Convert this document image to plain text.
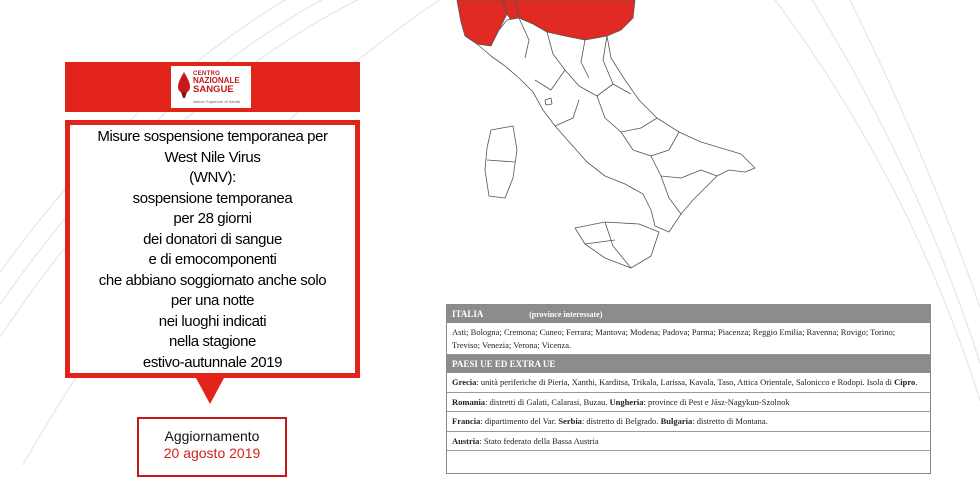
CENTRO
NAZIONALE
SANGUE
Istituto Superiore di Sanità
Misure sospensione temporanea per
West Nile Virus
(WNV):
sospensione temporanea
per 28 giorni
dei donatori di sangue
e di emocomponenti
che abbiano soggiornato anche solo
per una notte
nei luoghi indicati
nella stagione
estivo-autunnale 2019
Aggiornamento
20 agosto 2019
ITALIA	(province interessate)
Asti; Bologna; Cremona; Cuneo; Ferrara; Mantova; Modena; Padova; Parma; Piacenza; Reggio Emilia; Ravenna; Rovigo; Torino; Treviso; Venezia; Verona; Vicenza.
PAESI UE ED EXTRA UE
Grecia: unità periferiche di Pieria, Xanthi, Karditsa, Trikala, Larissa, Kavala, Taso, Attica Orientale, Salonicco e Rodopi. Isola di Cipro.
Romania: distretti di Galati, Calarasi, Buzau. Ungheria: province di Pest e Jász-Nagykun-Szolnok
Francia: dipartimento del Var. Serbia: distretto di Belgrado. Bulgaria: distretto di Montana.
Austria: Stato federato della Bassa Austria
